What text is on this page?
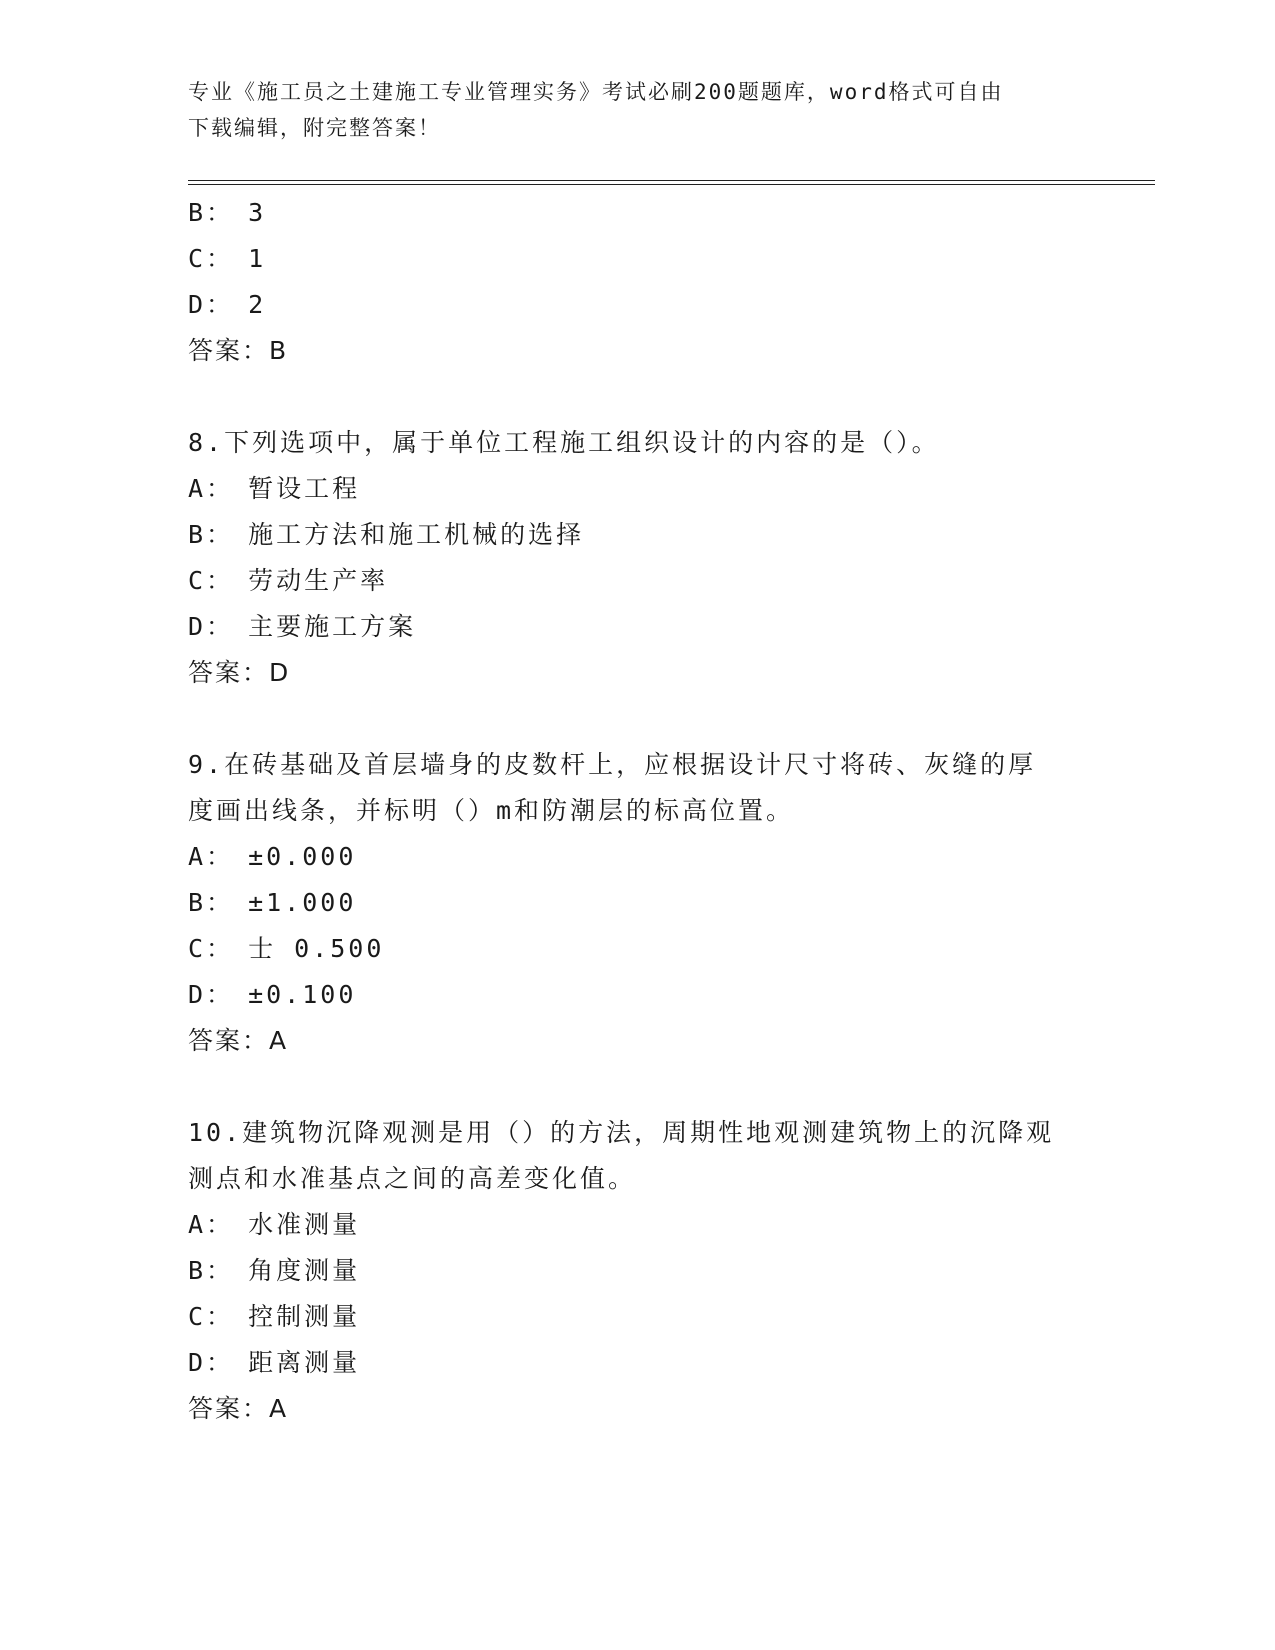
专业《施工员之土建施工专业管理实务》考试必刷200题题库，word格式可自由
下载编辑，附完整答案！
B： 3
C： 1
D： 2
答案：B
8.下列选项中，属于单位工程施工组织设计的内容的是（）。
A： 暂设工程
B： 施工方法和施工机械的选择
C： 劳动生产率
D： 主要施工方案
答案：D
9.在砖基础及首层墙身的皮数杆上，应根据设计尺寸将砖、灰缝的厚
度画出线条，并标明（）m和防潮层的标高位置。
A： ±0.000
B： ±1.000
C： 士 0.500
D： ±0.100
答案：A
10.建筑物沉降观测是用（）的方法，周期性地观测建筑物上的沉降观
测点和水准基点之间的高差变化值。
A： 水准测量
B： 角度测量
C： 控制测量
D： 距离测量
答案：A
